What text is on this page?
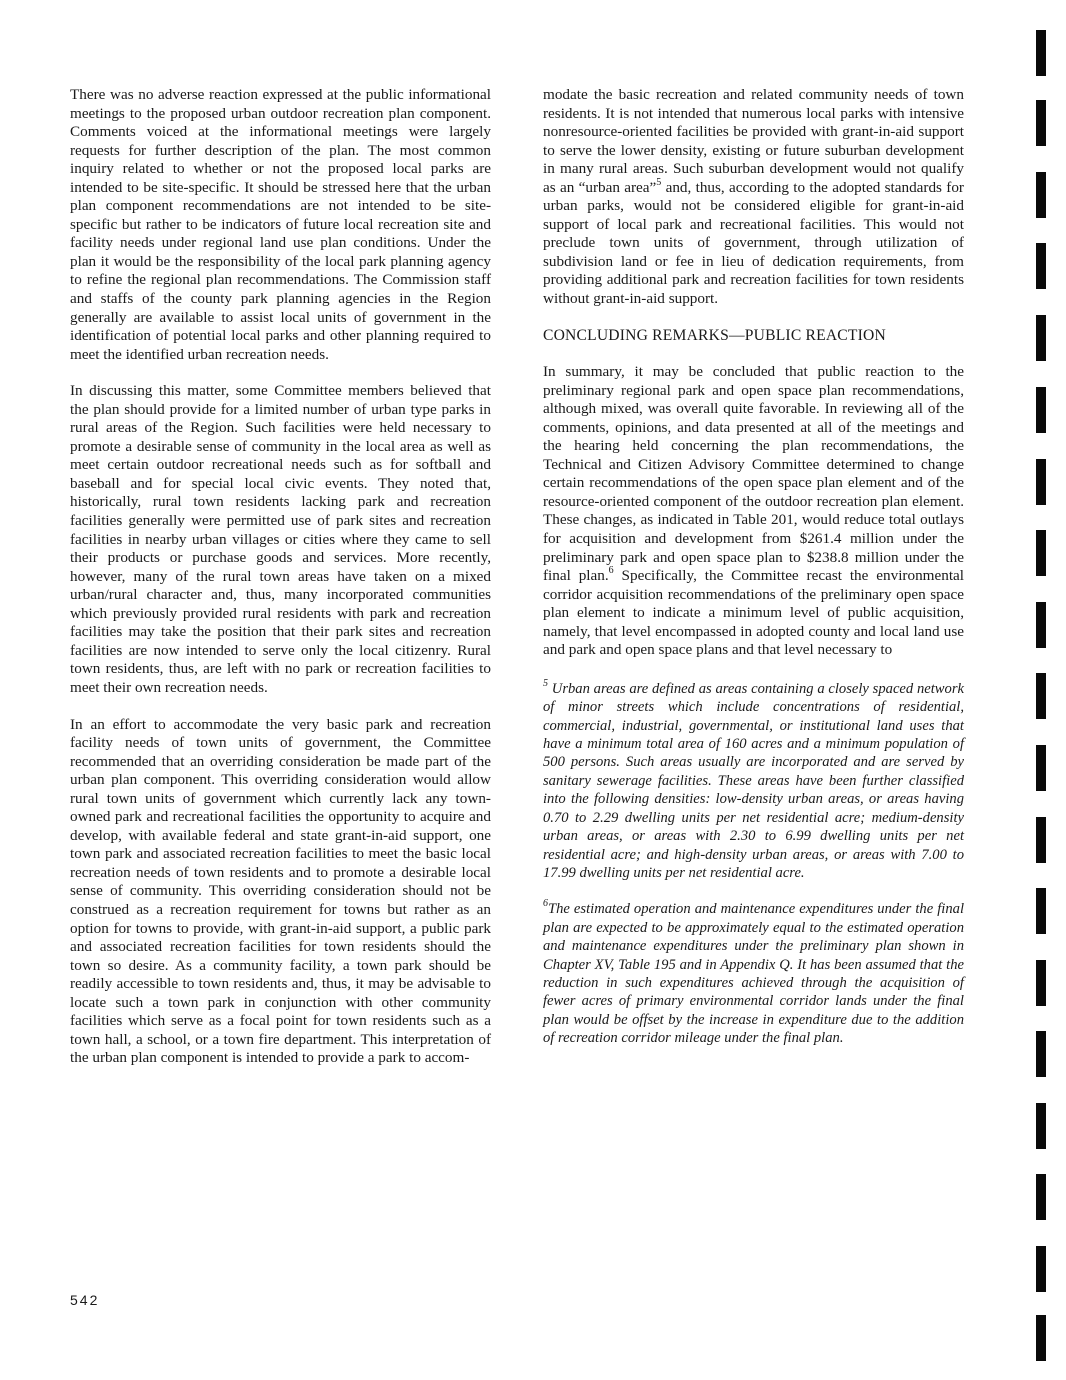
There was no adverse reaction expressed at the public informational meetings to the proposed urban outdoor recreation plan component. Comments voiced at the informational meetings were largely requests for further description of the plan. The most common inquiry related to whether or not the proposed local parks are intended to be site-specific. It should be stressed here that the urban plan component recommendations are not intended to be site-specific but rather to be indicators of future local recreation site and facility needs under regional land use plan conditions. Under the plan it would be the responsibility of the local park planning agency to refine the regional plan recommendations. The Commission staff and staffs of the county park planning agencies in the Region generally are available to assist local units of government in the identification of potential local parks and other planning required to meet the identified urban recreation needs.

In discussing this matter, some Committee members believed that the plan should provide for a limited number of urban type parks in rural areas of the Region. Such facilities were held necessary to promote a desirable sense of community in the local area as well as meet certain outdoor recreational needs such as for softball and baseball and for special local civic events. They noted that, historically, rural town residents lacking park and recreation facilities generally were permitted use of park sites and recreation facilities in nearby urban villages or cities where they came to sell their products or purchase goods and services. More recently, however, many of the rural town areas have taken on a mixed urban/rural character and, thus, many incorporated communities which previously provided rural residents with park and recreation facilities may take the position that their park sites and recreation facilities are now intended to serve only the local citizenry. Rural town residents, thus, are left with no park or recreation facilities to meet their own recreation needs.

In an effort to accommodate the very basic park and recreation facility needs of town units of government, the Committee recommended that an overriding consideration be made part of the urban plan component. This overriding consideration would allow rural town units of government which currently lack any town-owned park and recreational facilities the opportunity to acquire and develop, with available federal and state grant-in-aid support, one town park and associated recreation facilities to meet the basic local recreation needs of town residents and to promote a desirable local sense of community. This overriding consideration should not be construed as a recreation requirement for towns but rather as an option for towns to provide, with grant-in-aid support, a public park and associated recreation facilities for town residents should the town so desire. As a community facility, a town park should be readily accessible to town residents and, thus, it may be advisable to locate such a town park in conjunction with other community facilities which serve as a focal point for town residents such as a town hall, a school, or a town fire department. This interpretation of the urban plan component is intended to provide a park to accom-

modate the basic recreation and related community needs of town residents. It is not intended that numerous local parks with intensive nonresource-oriented facilities be provided with grant-in-aid support to serve the lower density, existing or future suburban development in many rural areas. Such suburban development would not qualify as an “urban area”$^5$ and, thus, according to the adopted standards for urban parks, would not be considered eligible for grant-in-aid support of local park and recreational facilities. This would not preclude town units of government, through utilization of subdivision land or fee in lieu of dedication requirements, from providing additional park and recreation facilities for town residents without grant-in-aid support.

CONCLUDING REMARKS—PUBLIC REACTION

In summary, it may be concluded that public reaction to the preliminary regional park and open space plan recommendations, although mixed, was overall quite favorable. In reviewing all of the comments, opinions, and data presented at all of the meetings and the hearing held concerning the plan recommendations, the Technical and Citizen Advisory Committee determined to change certain recommendations of the open space plan element and of the resource-oriented component of the outdoor recreation plan element. These changes, as indicated in Table 201, would reduce total outlays for acquisition and development from $261.4 million under the preliminary park and open space plan to $238.8 million under the final plan.$^6$ Specifically, the Committee recast the environmental corridor acquisition recommendations of the preliminary open space plan element to indicate a minimum level of public acquisition, namely, that level encompassed in adopted county and local land use and park and open space plans and that level necessary to

$^5$ Urban areas are defined as areas containing a closely spaced network of minor streets which include concentrations of residential, commercial, industrial, governmental, or institutional land uses that have a minimum total area of 160 acres and a minimum population of 500 persons. Such areas usually are incorporated and are served by sanitary sewerage facilities. These areas have been further classified into the following densities: low-density urban areas, or areas having 0.70 to 2.29 dwelling units per net residential acre; medium-density urban areas, or areas with 2.30 to 6.99 dwelling units per net residential acre; and high-density urban areas, or areas with 7.00 to 17.99 dwelling units per net residential acre.

$^6$The estimated operation and maintenance expenditures under the final plan are expected to be approximately equal to the estimated operation and maintenance expenditures under the preliminary plan shown in Chapter XV, Table 195 and in Appendix Q. It has been assumed that the reduction in such expenditures achieved through the acquisition of fewer acres of primary environmental corridor lands under the final plan would be offset by the increase in expenditure due to the addition of recreation corridor mileage under the final plan.

542
